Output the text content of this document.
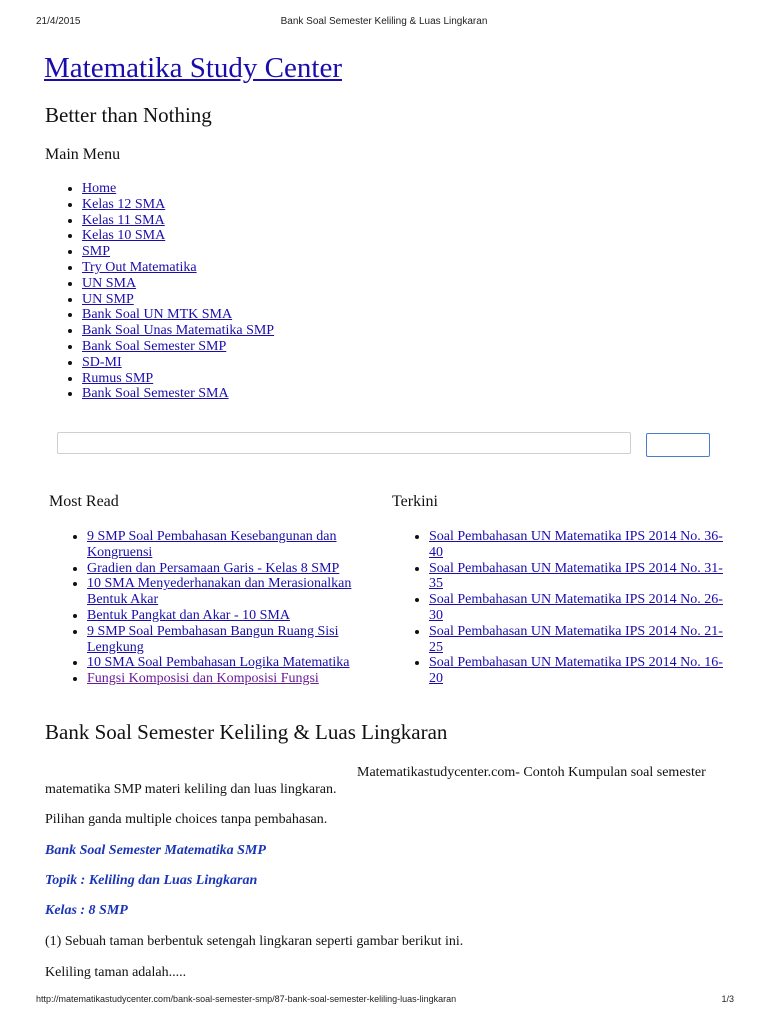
21/4/2015	Bank Soal Semester Keliling & Luas Lingkaran
Matematika Study Center
Better than Nothing
Main Menu
• Home
• Kelas 12 SMA
• Kelas 11 SMA
• Kelas 10 SMA
• SMP
• Try Out Matematika
• UN SMA
• UN SMP
• Bank Soal UN MTK SMA
• Bank Soal Unas Matematika SMP
• Bank Soal Semester SMP
• SD-MI
• Rumus SMP
• Bank Soal Semester SMA
Most Read
• 9 SMP Soal Pembahasan Kesebangunan dan Kongruensi
• Gradien dan Persamaan Garis - Kelas 8 SMP
• 10 SMA Menyederhanakan dan Merasionalkan Bentuk Akar
• Bentuk Pangkat dan Akar - 10 SMA
• 9 SMP Soal Pembahasan Bangun Ruang Sisi Lengkung
• 10 SMA Soal Pembahasan Logika Matematika
• Fungsi Komposisi dan Komposisi Fungsi
Terkini
• Soal Pembahasan UN Matematika IPS 2014 No. 36-40
• Soal Pembahasan UN Matematika IPS 2014 No. 31-35
• Soal Pembahasan UN Matematika IPS 2014 No. 26-30
• Soal Pembahasan UN Matematika IPS 2014 No. 21-25
• Soal Pembahasan UN Matematika IPS 2014 No. 16-20
Bank Soal Semester Keliling & Luas Lingkaran

Matematikastudycenter.com- Contoh Kumpulan soal semester matematika SMP materi keliling dan luas lingkaran.

Pilihan ganda multiple choices tanpa pembahasan.

Bank Soal Semester Matematika SMP

Topik : Keliling dan Luas Lingkaran

Kelas : 8 SMP

(1) Sebuah taman berbentuk setengah lingkaran seperti gambar berikut ini.

Keliling taman adalah.....

http://matematikastudycenter.com/bank-soal-semester-smp/87-bank-soal-semester-keliling-luas-lingkaran	1/3
